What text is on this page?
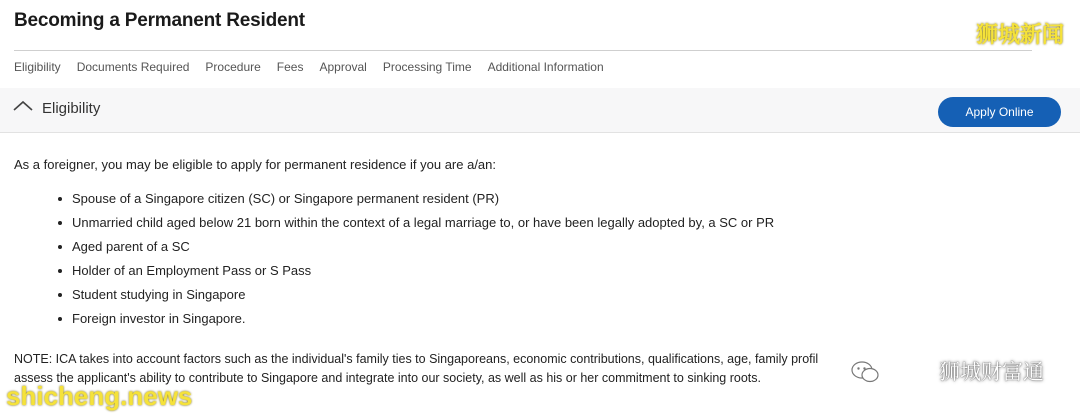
Becoming a Permanent Resident
Eligibility Documents Required Procedure Fees Approval Processing Time Additional Information
Eligibility	Apply Online
As a foreigner, you may be eligible to apply for permanent residence if you are a/an:
Spouse of a Singapore citizen (SC) or Singapore permanent resident (PR)
Unmarried child aged below 21 born within the context of a legal marriage to, or have been legally adopted by, a SC or PR
Aged parent of a SC
Holder of an Employment Pass or S Pass
Student studying in Singapore
Foreign investor in Singapore.
NOTE: ICA takes into account factors such as the individual's family ties to Singaporeans, economic contributions, qualifications, age, family profil
assess the applicant's ability to contribute to Singapore and integrate into our society, as well as his or her commitment to sinking roots.
狮城新闻
狮城财富通
shicheng.news
